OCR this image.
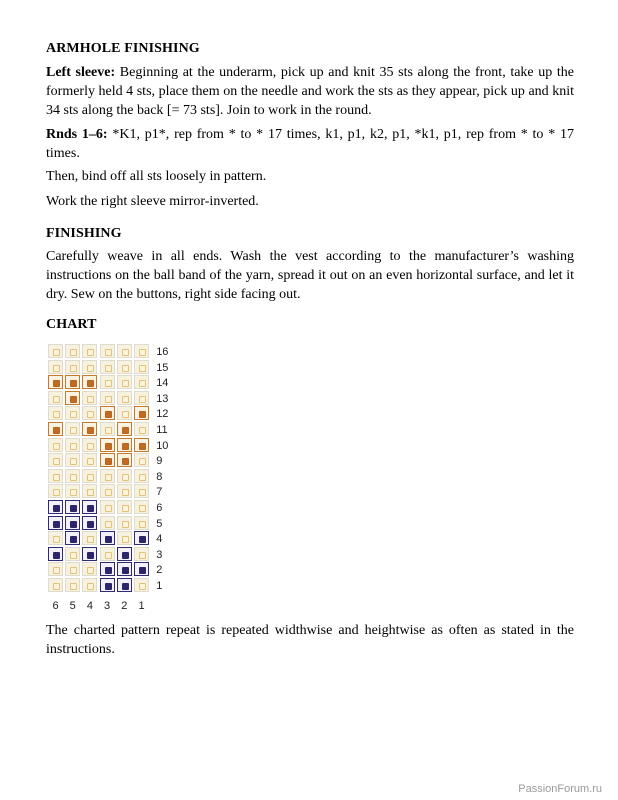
ARMHOLE FINISHING

Left sleeve: Beginning at the underarm, pick up and knit 35 sts along the front, take up the formerly held 4 sts, place them on the needle and work the sts as they appear, pick up and knit 34 sts along the back [= 73 sts]. Join to work in the round.

Rnds 1–6: *K1, p1*, rep from * to * 17 times, k1, p1, k2, p1, *k1, p1, rep from * to * 17 times.

Then, bind off all sts loosely in pattern.

Work the right sleeve mirror-inverted.

FINISHING

Carefully weave in all ends. Wash the vest according to the manufacturer’s washing instructions on the ball band of the yarn, spread it out on an even horizontal surface, and let it dry. Sew on the buttons, right side facing out.

CHART
16
15
14
13
12
11
10
9
8
7
6
5
4
3
2
1
6	5	4	3	2	1

The charted pattern repeat is repeated widthwise and heightwise as often as stated in the instructions.

PassionForum.ru
